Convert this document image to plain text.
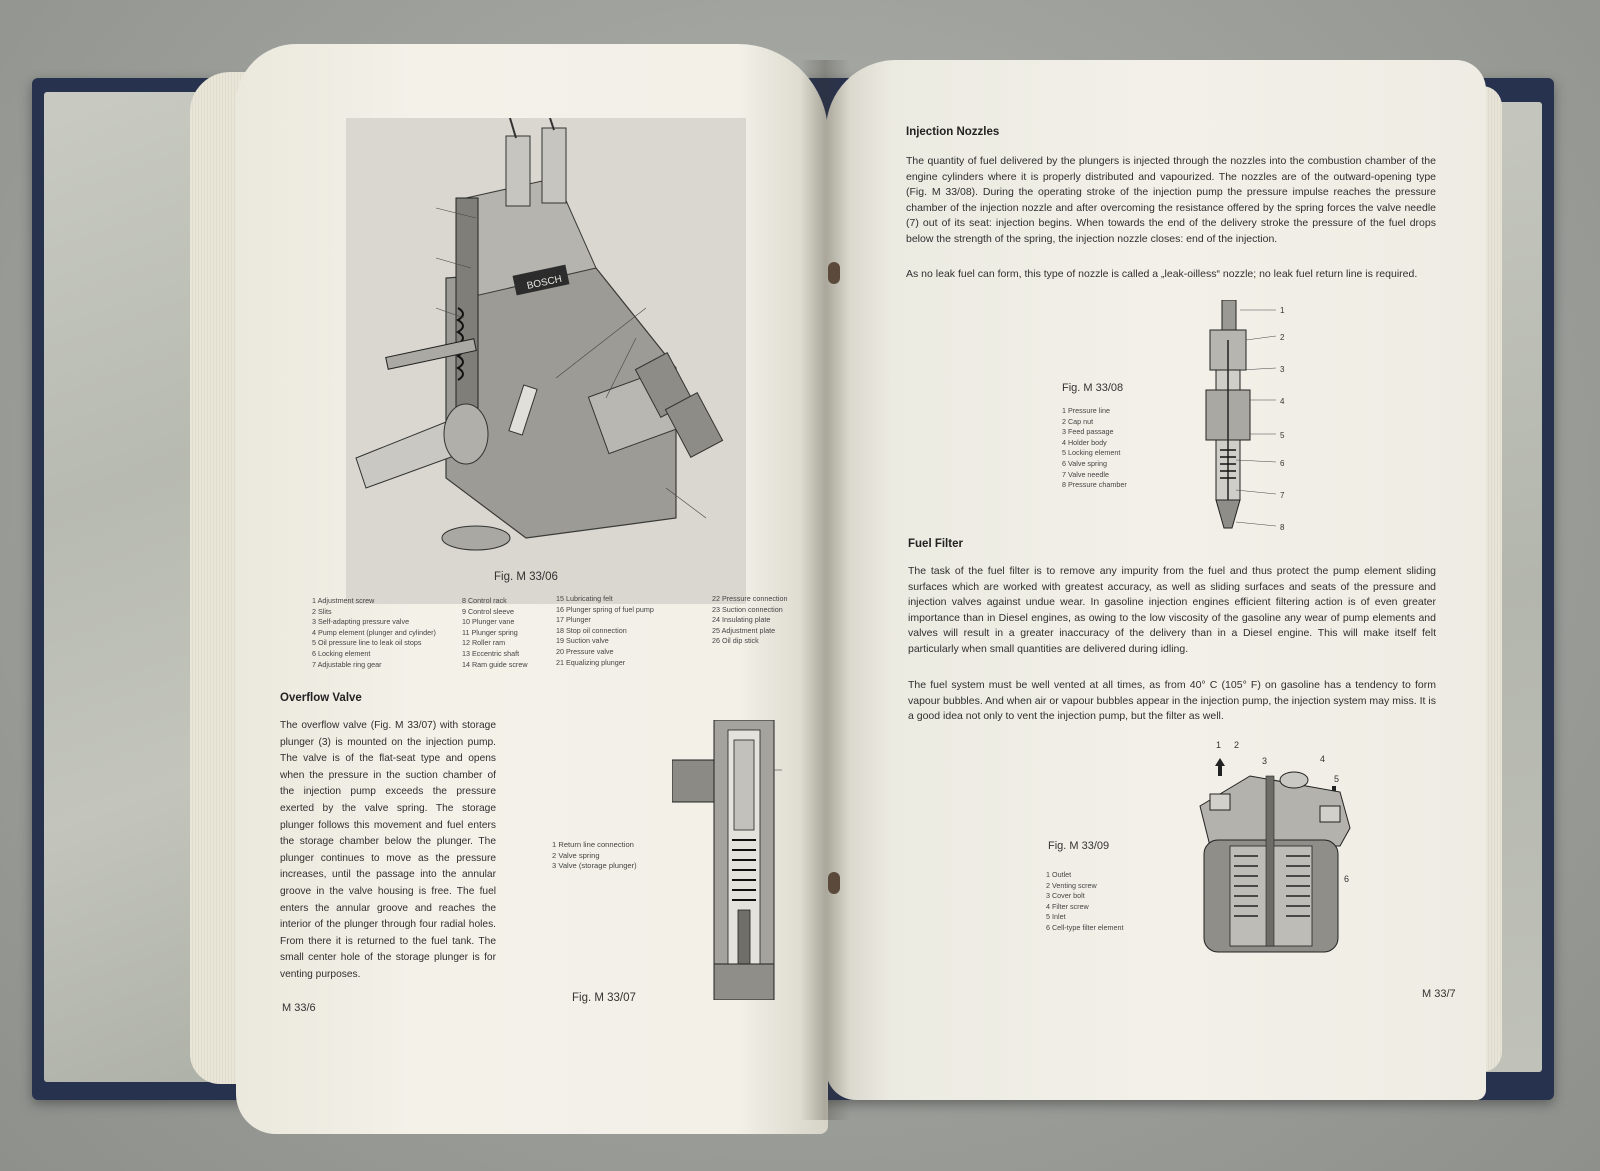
BOSCH
Fig. M 33/06
1 Adjustment screw
2 Slits
3 Self-adapting pressure valve
4 Pump element (plunger and cylinder)
5 Oil pressure line to leak oil stops
6 Locking element
7 Adjustable ring gear
8 Control rack
9 Control sleeve
10 Plunger vane
11 Plunger spring
12 Roller ram
13 Eccentric shaft
14 Ram guide screw
15 Lubricating felt
16 Plunger spring of fuel pump
17 Plunger
18 Stop oil connection
19 Suction valve
20 Pressure valve
21 Equalizing plunger
22 Pressure connection
23 Suction connection
24 Insulating plate
25 Adjustment plate
26 Oil dip stick
Overflow Valve
The overflow valve (Fig. M 33/07) with storage plunger (3) is mounted on the injection pump. The valve is of the flat-seat type and opens when the pressure in the suction chamber of the injection pump exceeds the pressure exerted by the valve spring. The storage plunger follows this movement and fuel enters the storage chamber below the plunger. The plunger continues to move as the pressure increases, until the passage into the annular groove in the valve housing is free. The fuel enters the annular groove and reaches the interior of the plunger through four radial holes. From there it is returned to the fuel tank. The small center hole of the storage plunger is for venting purposes.
1 Return line connection
2 Valve spring
3 Valve (storage plunger)
Fig. M 33/07
M 33/6
Injection Nozzles
The quantity of fuel delivered by the plungers is injected through the nozzles into the combustion chamber of the engine cylinders where it is properly distributed and vapourized. The nozzles are of the outward-opening type (Fig. M 33/08). During the operating stroke of the injection pump the pressure impulse reaches the pressure chamber of the injection nozzle and after overcoming the resistance offered by the spring forces the valve needle (7) out of its seat: injection begins. When towards the end of the delivery stroke the pressure of the fuel drops below the strength of the spring, the injection nozzle closes: end of the injection.
As no leak fuel can form, this type of nozzle is called a „leak-oilless“ nozzle; no leak fuel return line is required.
1
2
3
4
5
6
7
8
Fig. M 33/08
1 Pressure line
2 Cap nut
3 Feed passage
4 Holder body
5 Locking element
6 Valve spring
7 Valve needle
8 Pressure chamber
Fuel Filter
The task of the fuel filter is to remove any impurity from the fuel and thus protect the pump element sliding surfaces which are worked with greatest accuracy, as well as sliding surfaces and seats of the pressure and injection valves against undue wear. In gasoline injection engines efficient filtering action is of even greater importance than in Diesel engines, as owing to the low viscosity of the gasoline any wear of pump elements and valves will result in a greater inaccuracy of the delivery than in a Diesel engine. This will make itself felt particularly when small quantities are delivered during idling.
The fuel system must be well vented at all times, as from 40° C (105° F) on gasoline has a tendency to form vapour bubbles. And when air or vapour bubbles appear in the injection pump, the injection system may miss. It is a good idea not only to vent the injection pump, but the filter as well.
1 2
3	4
5
6
Fig. M 33/09
1 Outlet
2 Venting screw
3 Cover bolt
4 Filter screw
5 Inlet
6 Cell-type filter element
M 33/7
